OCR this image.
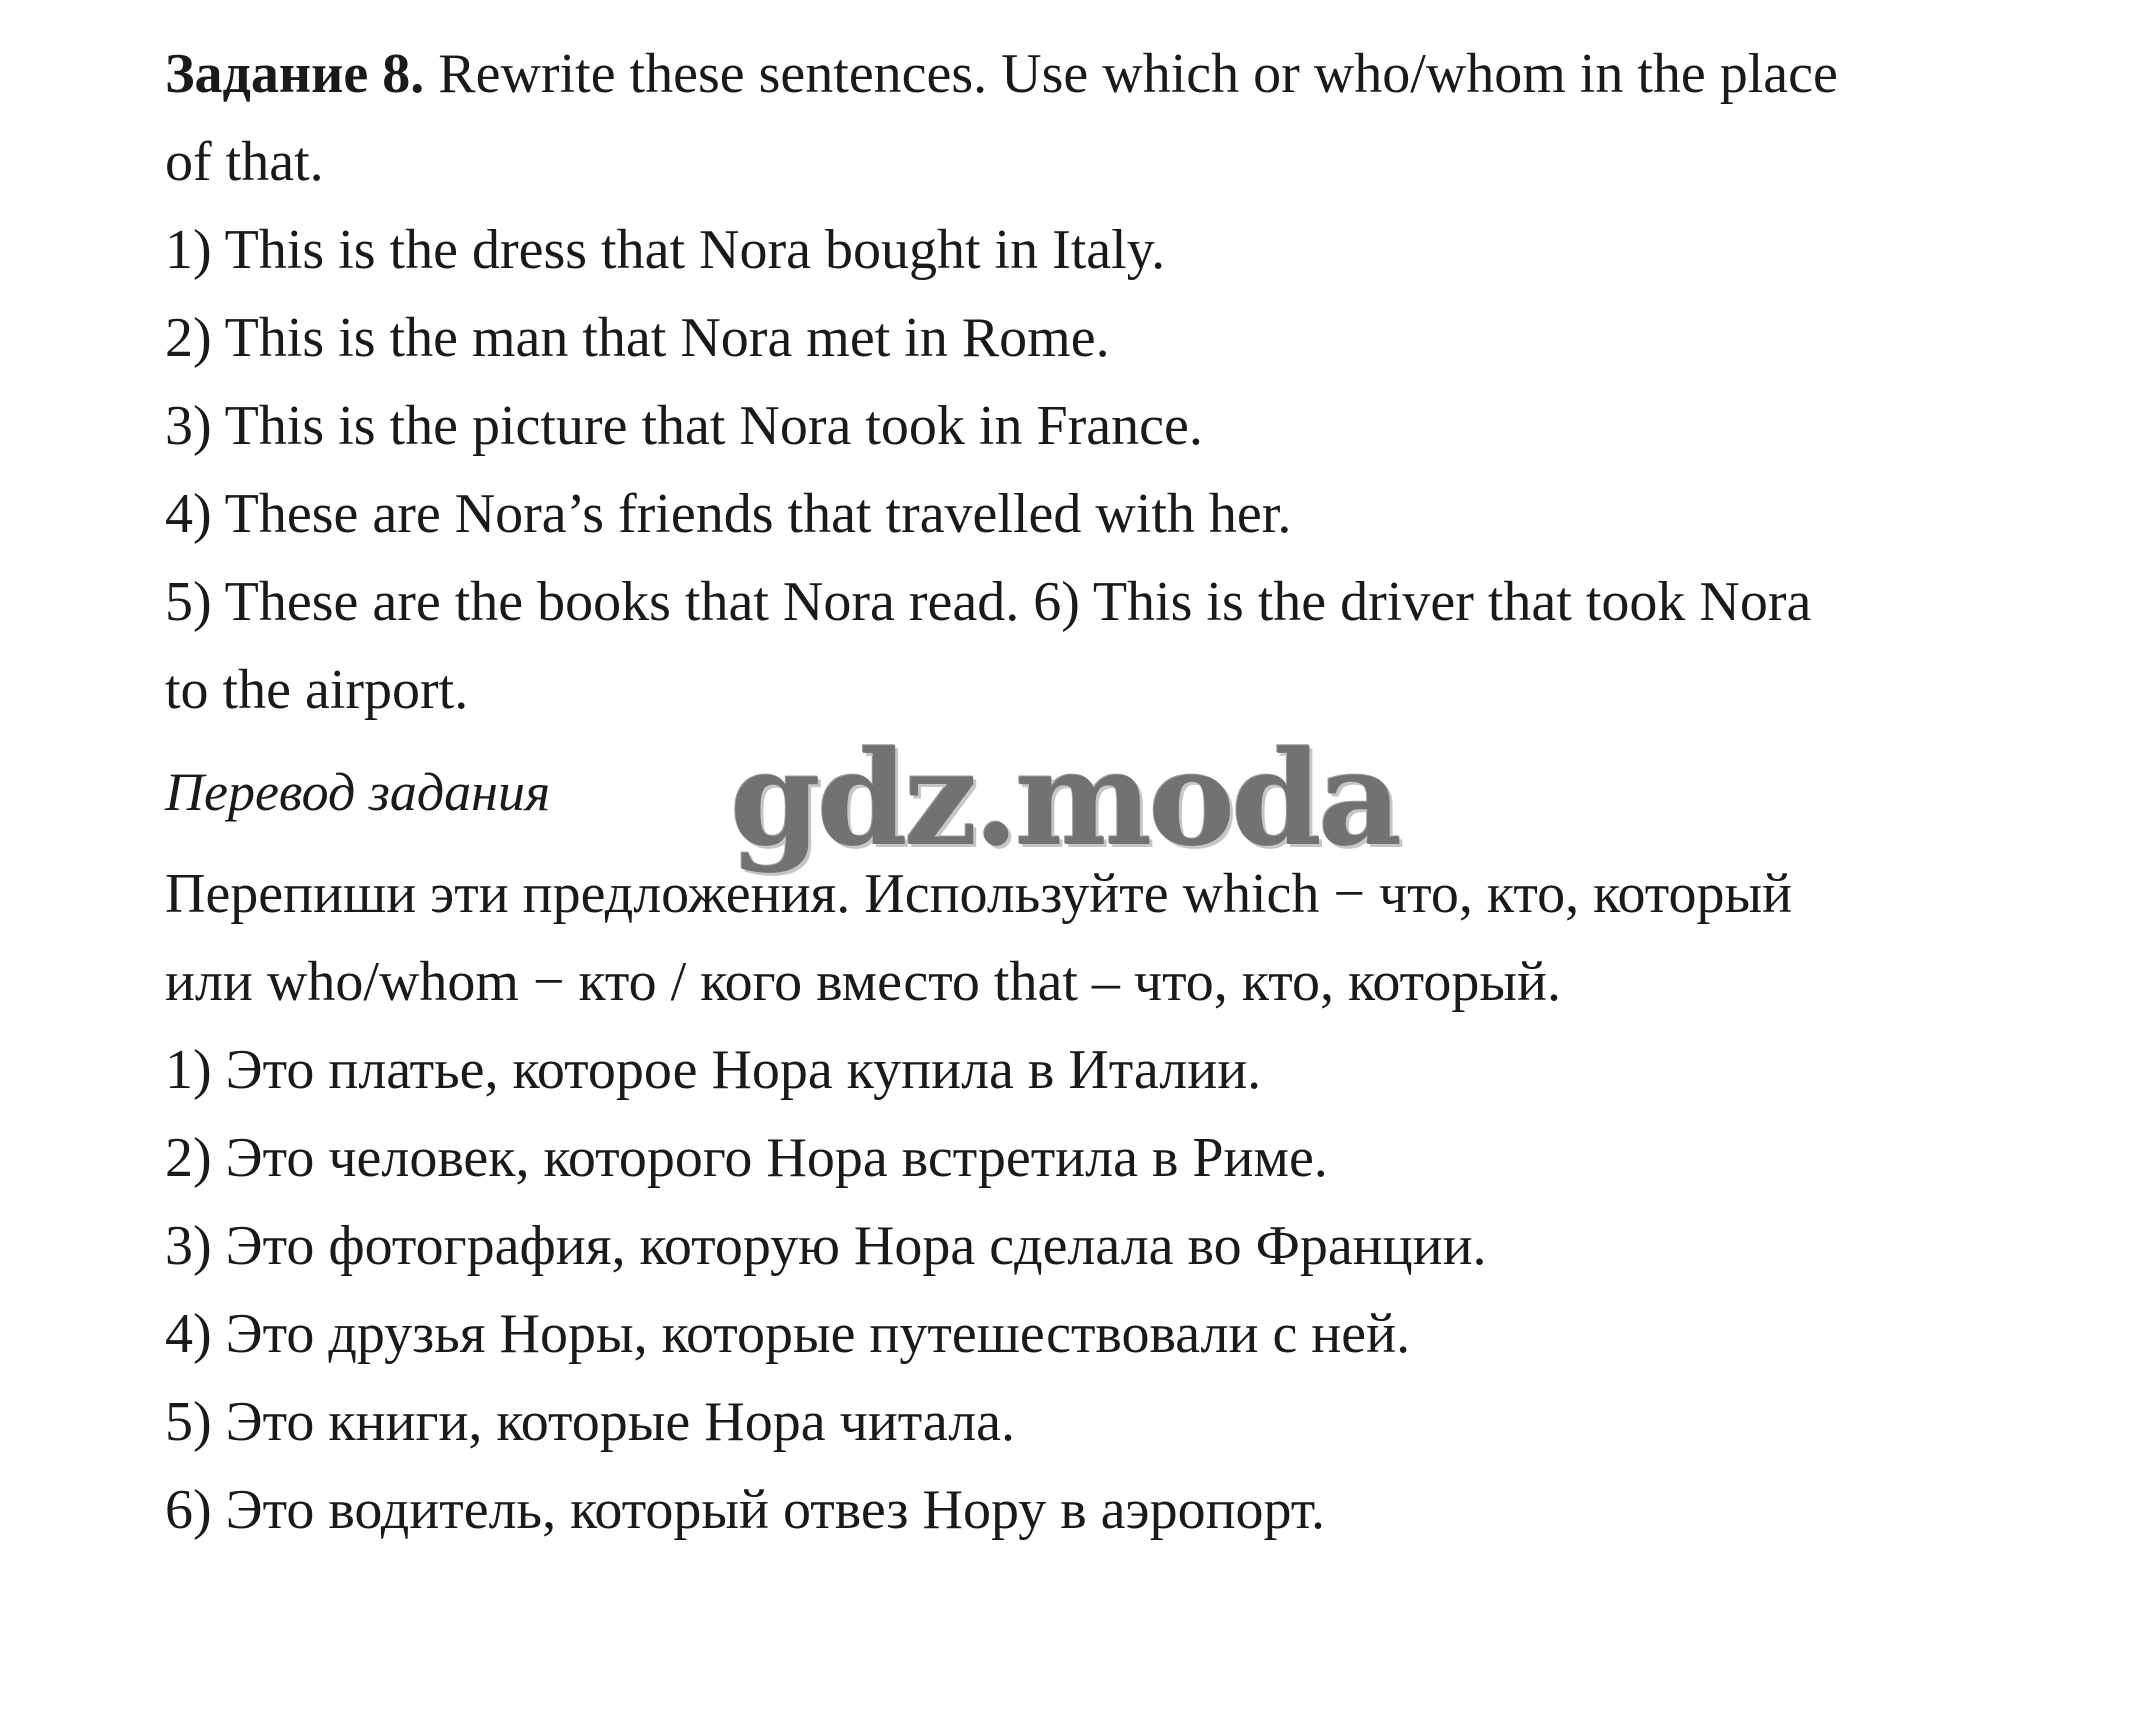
Задание 8. Rewrite these sentences. Use which or who/whom in the place

of that.

1) This is the dress that Nora bought in Italy.

2) This is the man that Nora met in Rome.

3) This is the picture that Nora took in France.

4) These are Nora’s friends that travelled with her.

5) These are the books that Nora read. 6) This is the driver that took Nora

to the airport.

Перевод задания gdz.moda

Перепиши эти предложения. Используйте which − что, кто, который

или who/whom − кто / кого вместо that – что, кто, который.

1) Это платье, которое Нора купила в Италии.

2) Это человек, которого Нора встретила в Риме.

3) Это фотография, которую Нора сделала во Франции.

4) Это друзья Норы, которые путешествовали с ней.

5) Это книги, которые Нора читала.

6) Это водитель, который отвез Нору в аэропорт.
